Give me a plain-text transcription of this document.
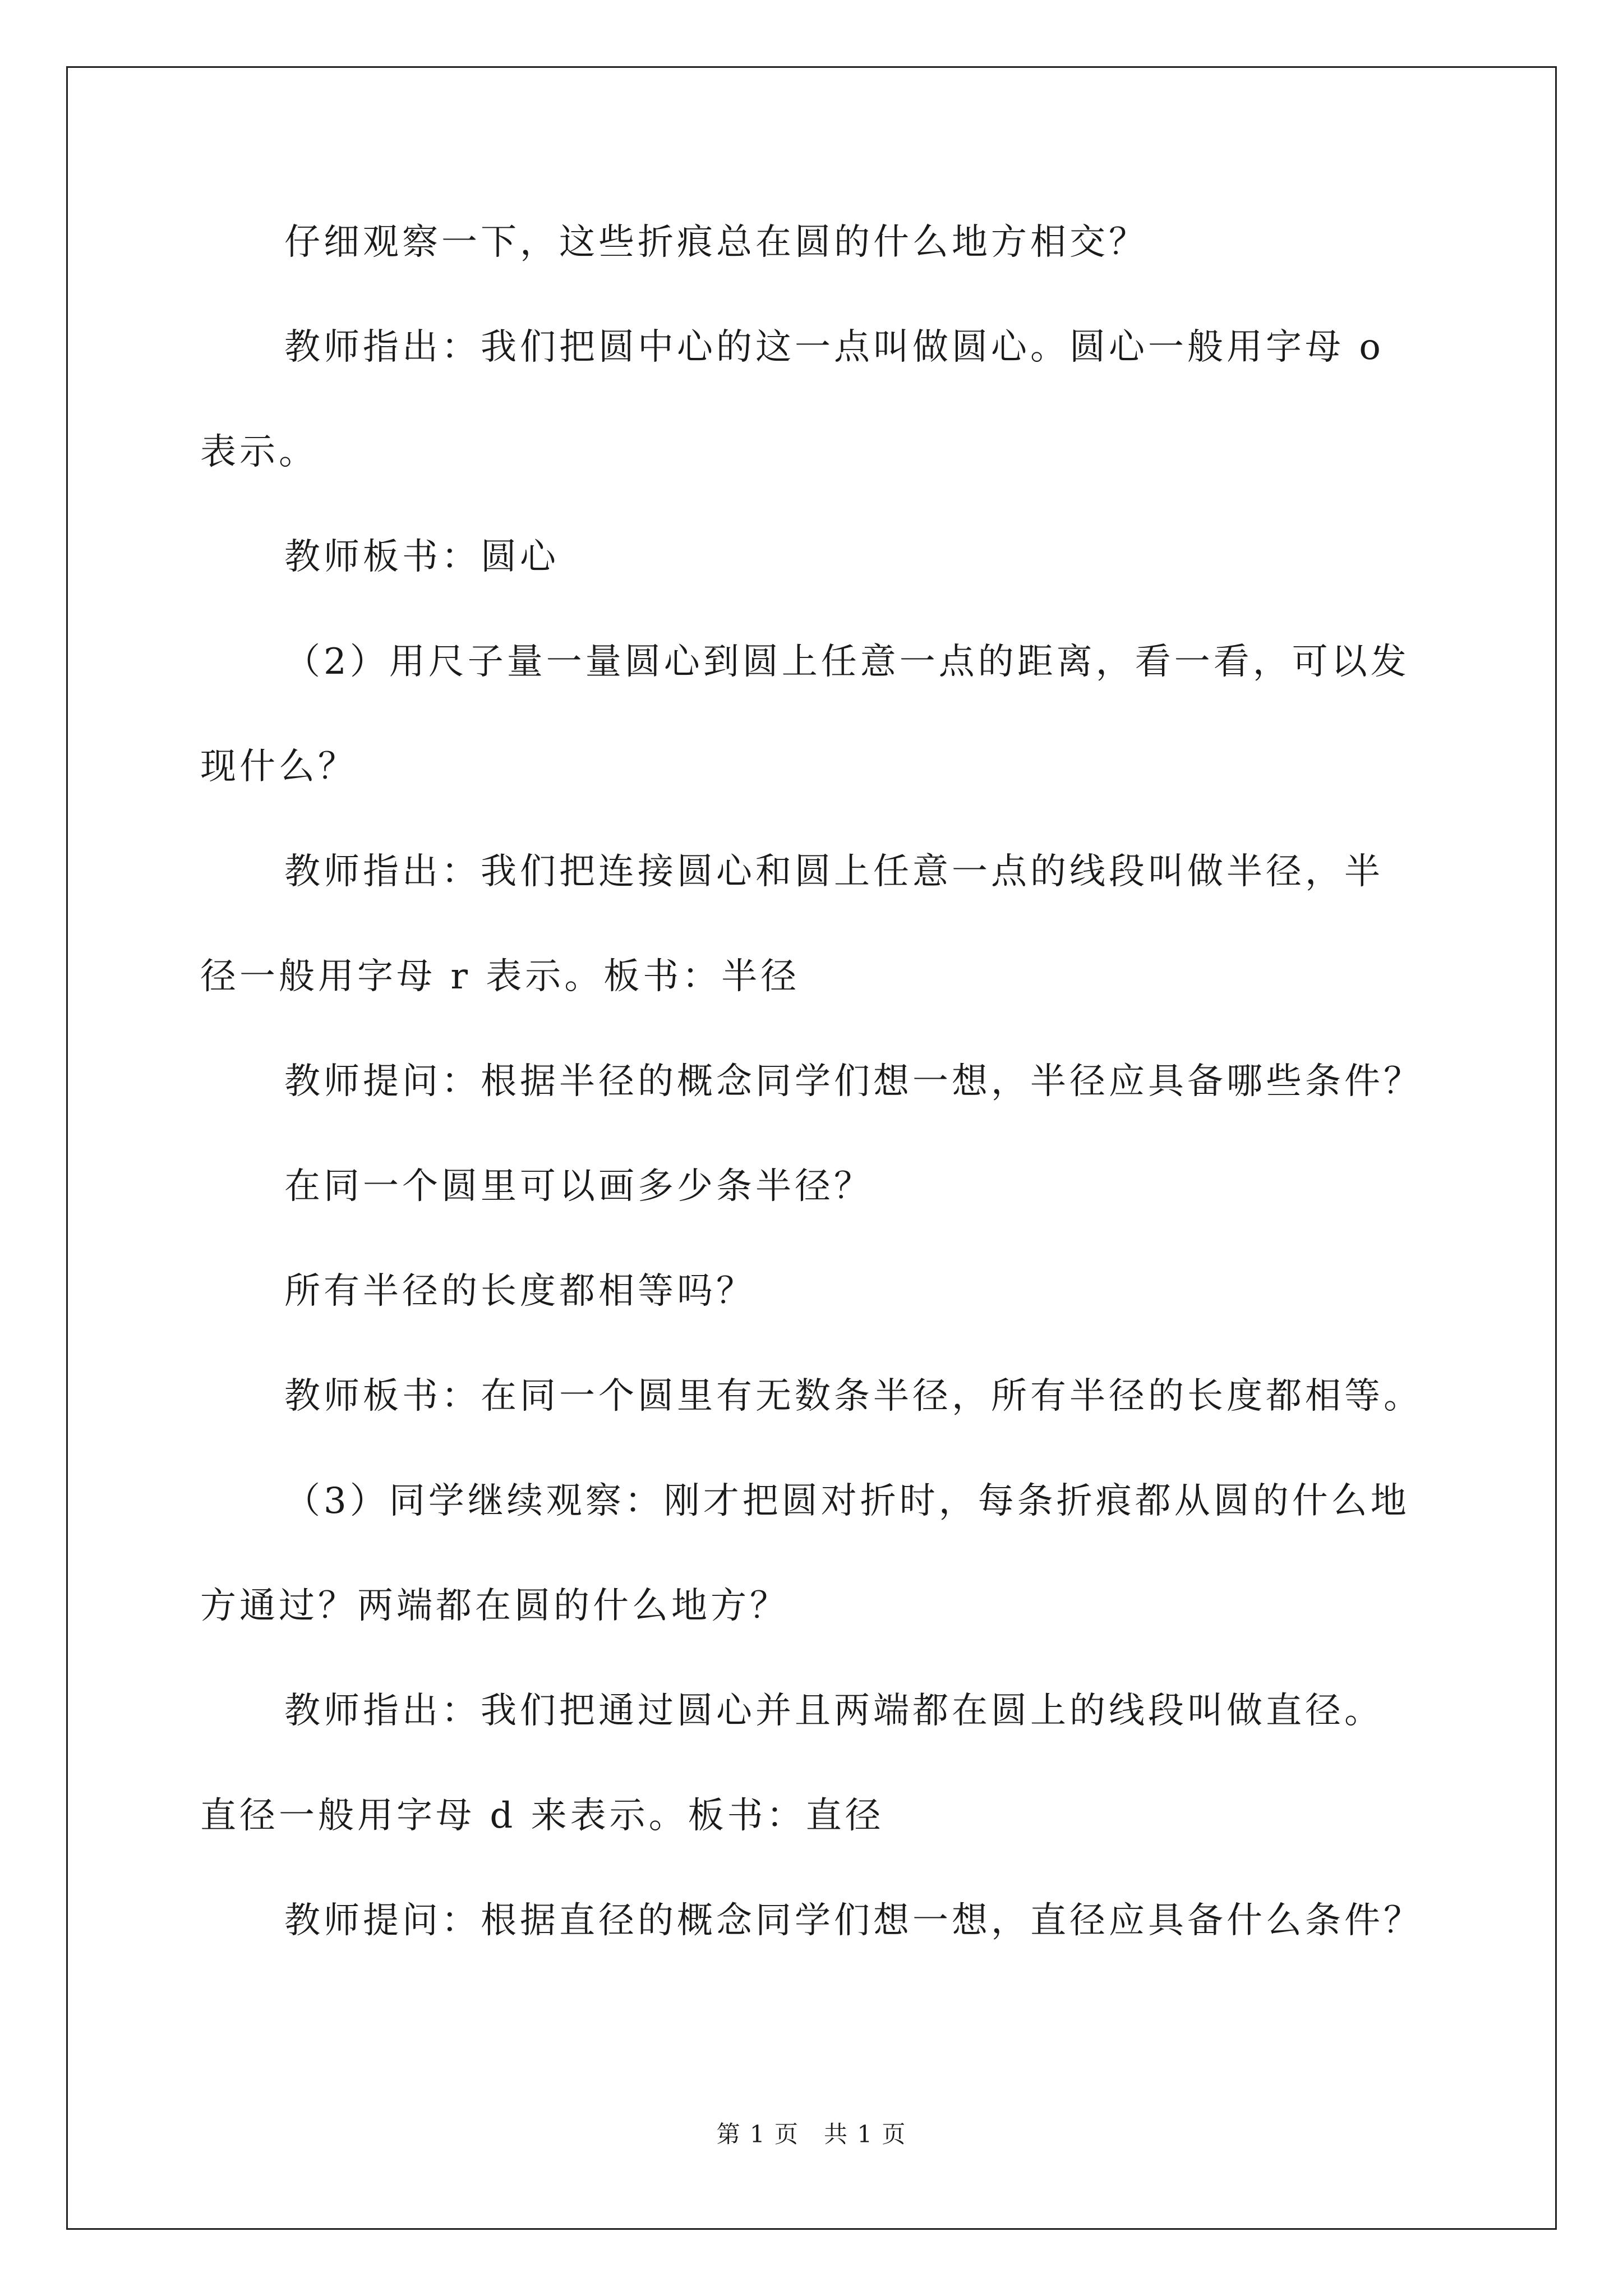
仔细观察一下，这些折痕总在圆的什么地方相交？
教师指出：我们把圆中心的这一点叫做圆心。圆心一般用字母 o
表示。
教师板书：圆心
（2）用尺子量一量圆心到圆上任意一点的距离，看一看，可以发
现什么？
教师指出：我们把连接圆心和圆上任意一点的线段叫做半径，半
径一般用字母 r 表示。板书：半径
教师提问：根据半径的概念同学们想一想，半径应具备哪些条件？
在同一个圆里可以画多少条半径？
所有半径的长度都相等吗？
教师板书：在同一个圆里有无数条半径，所有半径的长度都相等。
（3）同学继续观察：刚才把圆对折时，每条折痕都从圆的什么地
方通过？两端都在圆的什么地方？
教师指出：我们把通过圆心并且两端都在圆上的线段叫做直径。
直径一般用字母 d 来表示。板书：直径
教师提问：根据直径的概念同学们想一想，直径应具备什么条件？
第 1 页　共 1 页
